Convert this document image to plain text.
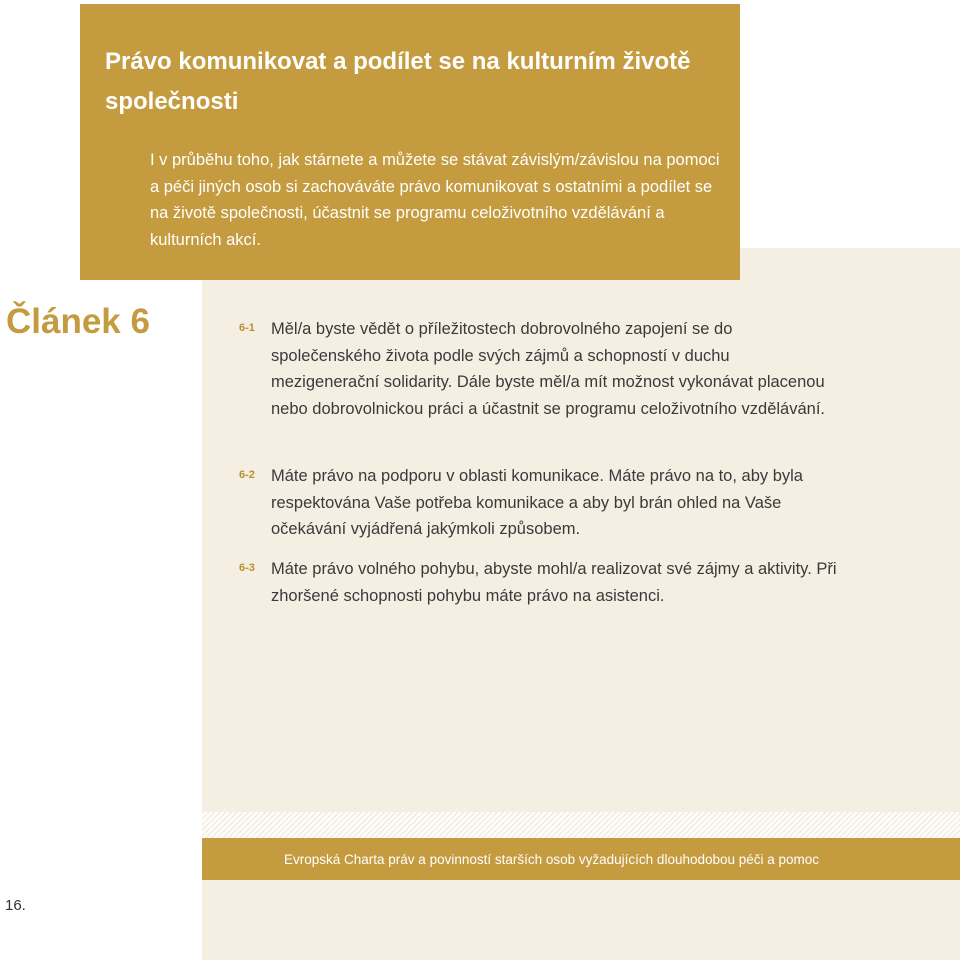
Právo komunikovat a podílet se na kulturním životě společnosti

I v průběhu toho, jak stárnete a můžete se stávat závislým/závislou na pomoci a péči jiných osob si zachováváte právo komunikovat s ostatními a podílet se na životě společnosti, účastnit se programu celoživotního vzdělávání a kulturních akcí.

Článek 6	6-1 Měl/a byste vědět o příležitostech dobrovolného zapojení se do společenského života podle svých zájmů a schopností v duchu mezigenerační solidarity. Dále byste měl/a mít možnost vykonávat placenou nebo dobrovolnickou práci a účastnit se programu celoživotního vzdělávání.

6-2 Máte právo na podporu v oblasti komunikace. Máte právo na to, aby byla respektována Vaše potřeba komunikace a aby byl brán ohled na Vaše očekávání vyjádřená jakýmkoli způsobem.

6-3 Máte právo volného pohybu, abyste mohl/a realizovat své zájmy a aktivity. Při zhoršené schopnosti pohybu máte právo na asistenci.

Evropská Charta práv a povinností starších osob vyžadujících dlouhodobou péči a pomoc
16.
